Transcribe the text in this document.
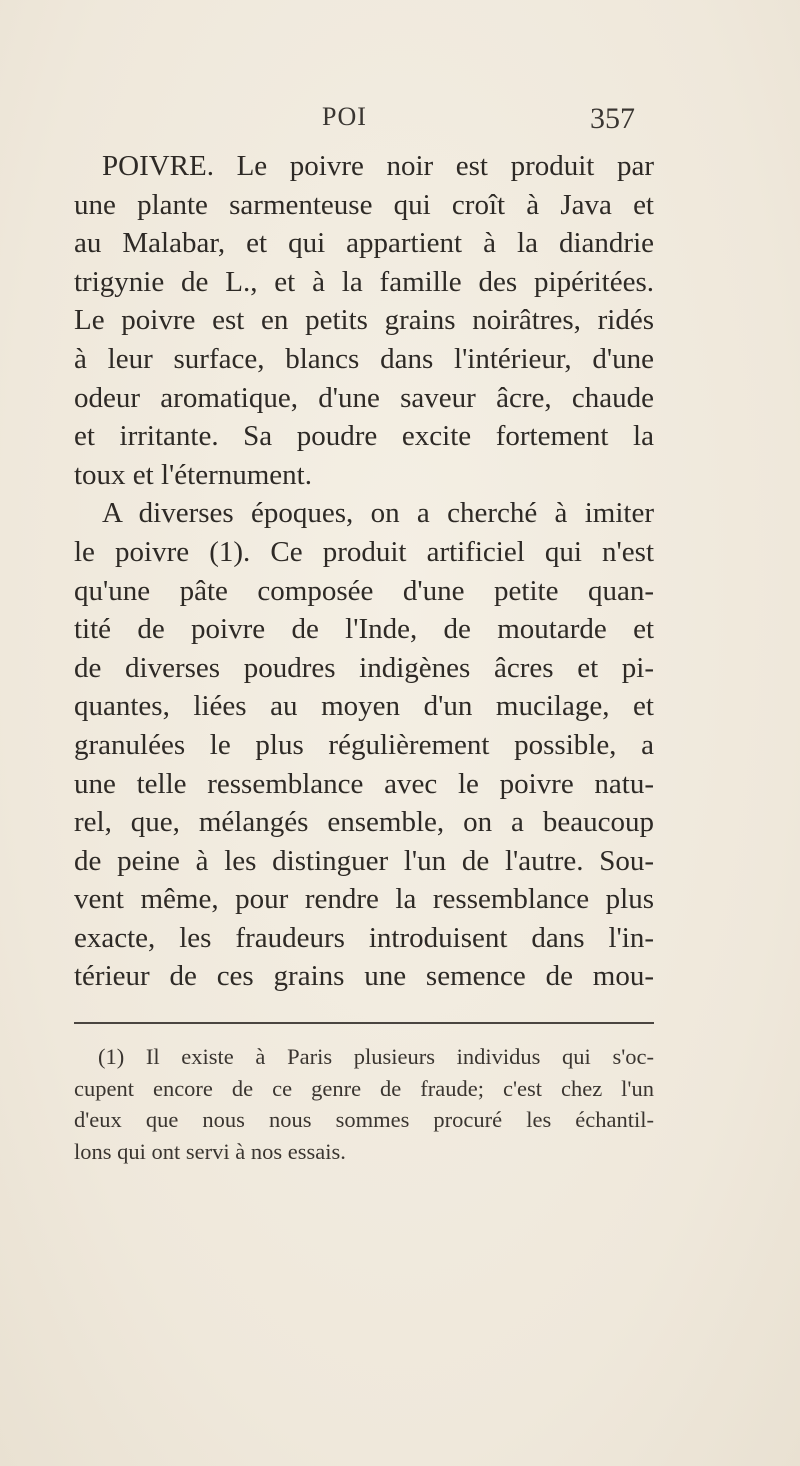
POI	357
POIVRE. Le poivre noir est produit par
une plante sarmenteuse qui croît à Java et
au Malabar, et qui appartient à la diandrie
trigynie de L., et à la famille des pipéritées.
Le poivre est en petits grains noirâtres, ridés
à leur surface, blancs dans l'intérieur, d'une
odeur aromatique, d'une saveur âcre, chaude
et irritante. Sa poudre excite fortement la
toux et l'éternument.
A diverses époques, on a cherché à imiter
le poivre (1). Ce produit artificiel qui n'est
qu'une pâte composée d'une petite quan-
tité de poivre de l'Inde, de moutarde et
de diverses poudres indigènes âcres et pi-
quantes, liées au moyen d'un mucilage, et
granulées le plus régulièrement possible, a
une telle ressemblance avec le poivre natu-
rel, que, mélangés ensemble, on a beaucoup
de peine à les distinguer l'un de l'autre. Sou-
vent même, pour rendre la ressemblance plus
exacte, les fraudeurs introduisent dans l'in-
térieur de ces grains une semence de mou-
(1) Il existe à Paris plusieurs individus qui s'oc-
cupent encore de ce genre de fraude; c'est chez l'un
d'eux que nous nous sommes procuré les échantil-
lons qui ont servi à nos essais.
